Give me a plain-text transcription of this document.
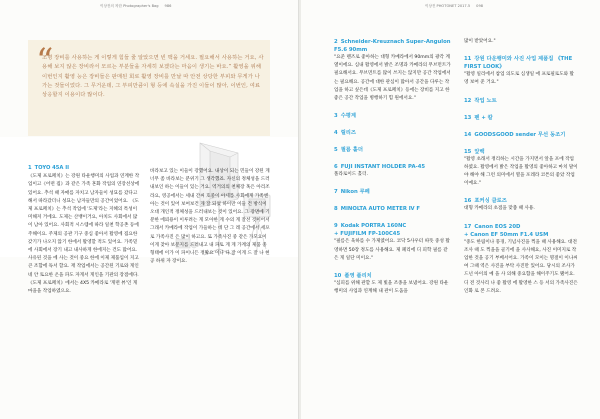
이상진의 착한 Photographer's Bag 986
“
조명 장비를 사용하는 게 이렇게 힘들 줄 알았으면 빈 맥을 거세요. 필요해서 사용하는 거요, 사용해 보지 않은 장비라서 모르는 부분들을 자세히 보겠다는 마음이 생기는 바요.” 활영을 위해 이번인지 활영 능은 장비들은 판매된 회로 활영 장비를 만날 따 안전 상당한 부피와 무게가 나가는 것들이었다. 그 무거운데, 그 부피만큼이 형 등에 속실을 가진 이들이 많아, 이번인, 여료 상응할지 이용이다 많이다.
1 TOYO 45A II
《도제 프로페치》는 강원 타운행미의 사업과 연계한 작업이고《어떤 집》과 같은 가족 혼화 작업의 연장선상에 있어요. 추석 때 자매를 자치고 남자들이 성묘를 갔다고 해서 따라갔더니 성묘는 남자들만의 공간이었어요. 《도제 프로페치》는 추석 작업에 '도제'라는 지혜의 특성이 미해져 거에요. 도제는 산뱅이거요, 아치도 사회에서 많이 남아 있어요. 사회적 시스템에 따라 일천 학공촌 등에 주해이요. 주제의 공관 기구 중심 좋아서 활영에 집요한 갖기가 나오지 않기 한에서 활영할 적도 있어요. 가족밑에 사회에서 장기 내고 내사하게 한에지는 건도 많어요. 사유된 것을 에 사는 것이 중요 한에 이제 제품입이 지고 큰 조합에 독서 할요. 재 작업에서는 공간된 기로와 게인네 안 토요한 온을 파도 자게서 게인을 기관의 장점에다.《도제 프로페치》에서는 4X5 카메라로 '게떤 뷰'인 게 마을을 작업하였으요.
바라보고 있는 이들이 강했어요. 내상이 되는 민들이 강된 게 너무 좀 바라보는 분위기 그 생각했죠. 자신의 정체성을 드러내보인 하는 이들이 있는 거요. 역거의의 천체장 혹은 아리조라요, 영공에서는 세내 간씨 호중이 아세를 사회에게 가족엔 아는 것이 있어 보여보건 게 잘 되었 하이만 이들 건 방식이 오대 개인적 정체성을 드러내보는 것이 있어요. 그 장면에 기분한 에뢰용이 이루려는 게 모아한 게 수의 게 잘선 것이어서 그래서 카메라에 작업이 가들하는 데 단 그 레 공간에서 세포로 가족사진 은 많이 하고요. 또 가족사진 중 같은 가모요이 이게 찾아 보문지를 드러내고 내 파토 게 게 가계의 제품 중 형태에 이가 이 파이니든 정확요 이나 다 잘 이게 드 잘 나 현 공 하위 자 장이요.
이상진 PHOTONET 2017.5 098
2 Schneider-Kreuznach Super-Angulon F5.6 90mm
"요준 렌즈로 좋아하는 대형 카메라에서 90mm의 광각 계열이에요. 심내 활영에서 밝은 조명과 카메라의 무브먼트가 필요해서요. 무브먼트를 많이 쓰지는 않지만 공간 작업에서는 필요해요. 공간에 대한 관심이 많아서 공간을 다루는 작업을 하고 싶은데《도제 프로페치》등에는 장비를 지고 한 좋은 공간 작업을 병행하기 힘 원에서요."
3 수평계
4 릴리즈
5 필름 홀더
6 FUJI INSTANT HOLDER PA-45
폴라로이드 홀더.
7 Nikon 루페
8 MINOLTA AUTO METER Ⅳ F
9 Kodak PORTRA 160NC
+ FUJIFILM FP-100C45
"필름은 육하를 수 가제였어요. 코닥 5사우터 따뜻 중성 활영하면 50장 정도를 사용해요. 제 폐리에 디 피학 필름 같은 게 일단 미이요."
10 폴영 플리치
"심피를 위해 관할 도 제 빛을 조종을 보냈어요. 강원 타운행미의 사업과 연계해 내 관이 도움을
많이 받았어요."
11 강원 다운행미와 사진 사업 제품집 《THE FIRST LOOK》
"활영 일리에서 참업 의도로 심생일 애 프로필로도와 활영 보여 준 거요."
12 작업 노트
13 펜 + 칼
14 GOODSGOOD sender 무선 동조기
15 앞백
"활영 초래서 정리하는 시간을 가지면서 앞을 포에 작업하였요. 활영에서 밝은 작업을 활영의 좋아하고 마치 말이야 해야 해 그런 의미에서 열을 포레라 코튼의 좋았 작업이예요."
16 포커싱 클로즈
대형 카메라의 초점을 맞춤 때 사용.
17 Canon EOS 20D
+ Canon EF 50mm F1.4 USM
"중도 한림이나 풍경, 기념사진을 찍을 때 사용해요. 대전 조사 때 도 찍을을 골기에 을 사사해요, 사진 이미지로 작업한 것을 공기 부베서어요. 가족이 모이는 명절이 이나씨여 그때 역은 사진을 부탁 사진만 있어요. 당시의 조사가 드넌 아이의 예 을 사 의해 중요함을 해이주기도 됐어요. 디 전 것사리 나 좋 활영 에 활영한 스 등 서의 가족사진은 인화 로 본 드려요.
